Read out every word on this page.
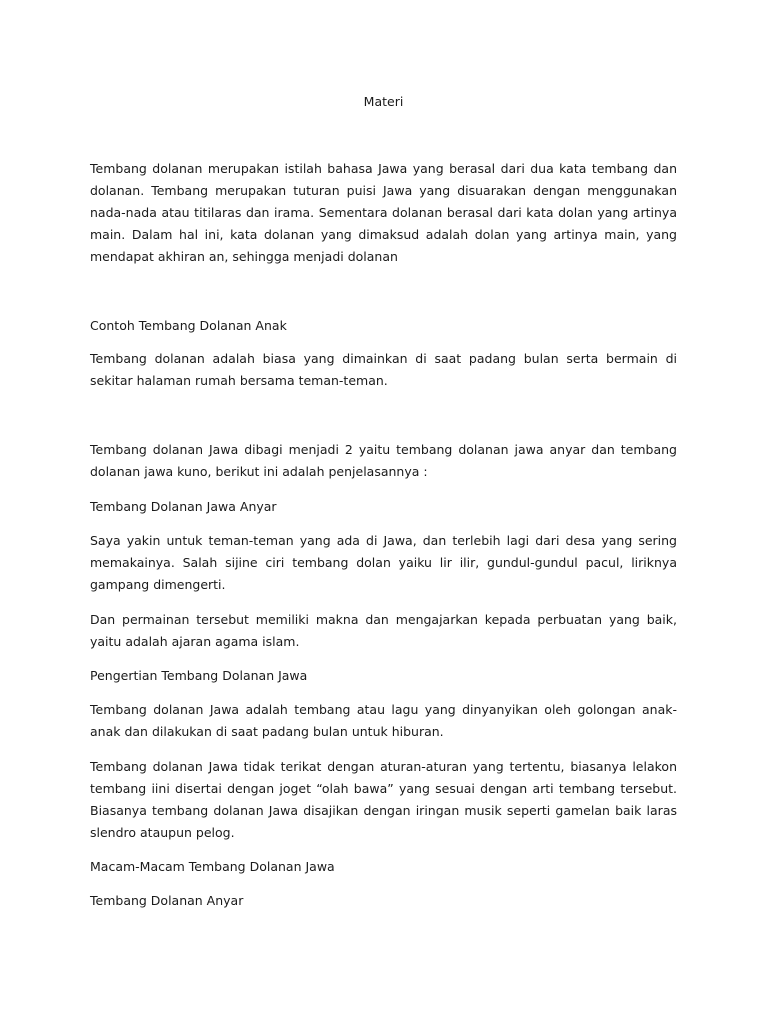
Materi
Tembang dolanan merupakan istilah bahasa Jawa yang berasal dari dua kata tembang dan dolanan. Tembang merupakan tuturan puisi Jawa yang disuarakan dengan menggunakan nada-nada atau titilaras dan irama. Sementara dolanan berasal dari kata dolan yang artinya main. Dalam hal ini, kata dolanan yang dimaksud adalah dolan yang artinya main, yang mendapat akhiran an, sehingga menjadi dolanan
Contoh Tembang Dolanan Anak
Tembang dolanan adalah biasa yang dimainkan di saat padang bulan serta bermain di sekitar halaman rumah bersama teman-teman.
Tembang dolanan Jawa dibagi menjadi 2 yaitu tembang dolanan jawa anyar dan tembang dolanan jawa kuno, berikut ini adalah penjelasannya :
Tembang Dolanan Jawa Anyar
Saya yakin untuk teman-teman yang ada di Jawa, dan terlebih lagi dari desa yang sering memakainya. Salah sijine ciri tembang dolan yaiku lir ilir, gundul-gundul pacul, liriknya gampang dimengerti.
Dan permainan tersebut memiliki makna dan mengajarkan kepada perbuatan yang baik, yaitu adalah ajaran agama islam.
Pengertian Tembang Dolanan Jawa
Tembang dolanan Jawa adalah tembang atau lagu yang dinyanyikan oleh golongan anak-anak dan dilakukan di saat padang bulan untuk hiburan.
Tembang dolanan Jawa tidak terikat dengan aturan-aturan yang tertentu, biasanya lelakon tembang iini disertai dengan joget “olah bawa” yang sesuai dengan arti tembang tersebut. Biasanya tembang dolanan Jawa disajikan dengan iringan musik seperti gamelan baik laras slendro ataupun pelog.
Macam-Macam Tembang Dolanan Jawa
Tembang Dolanan Anyar
